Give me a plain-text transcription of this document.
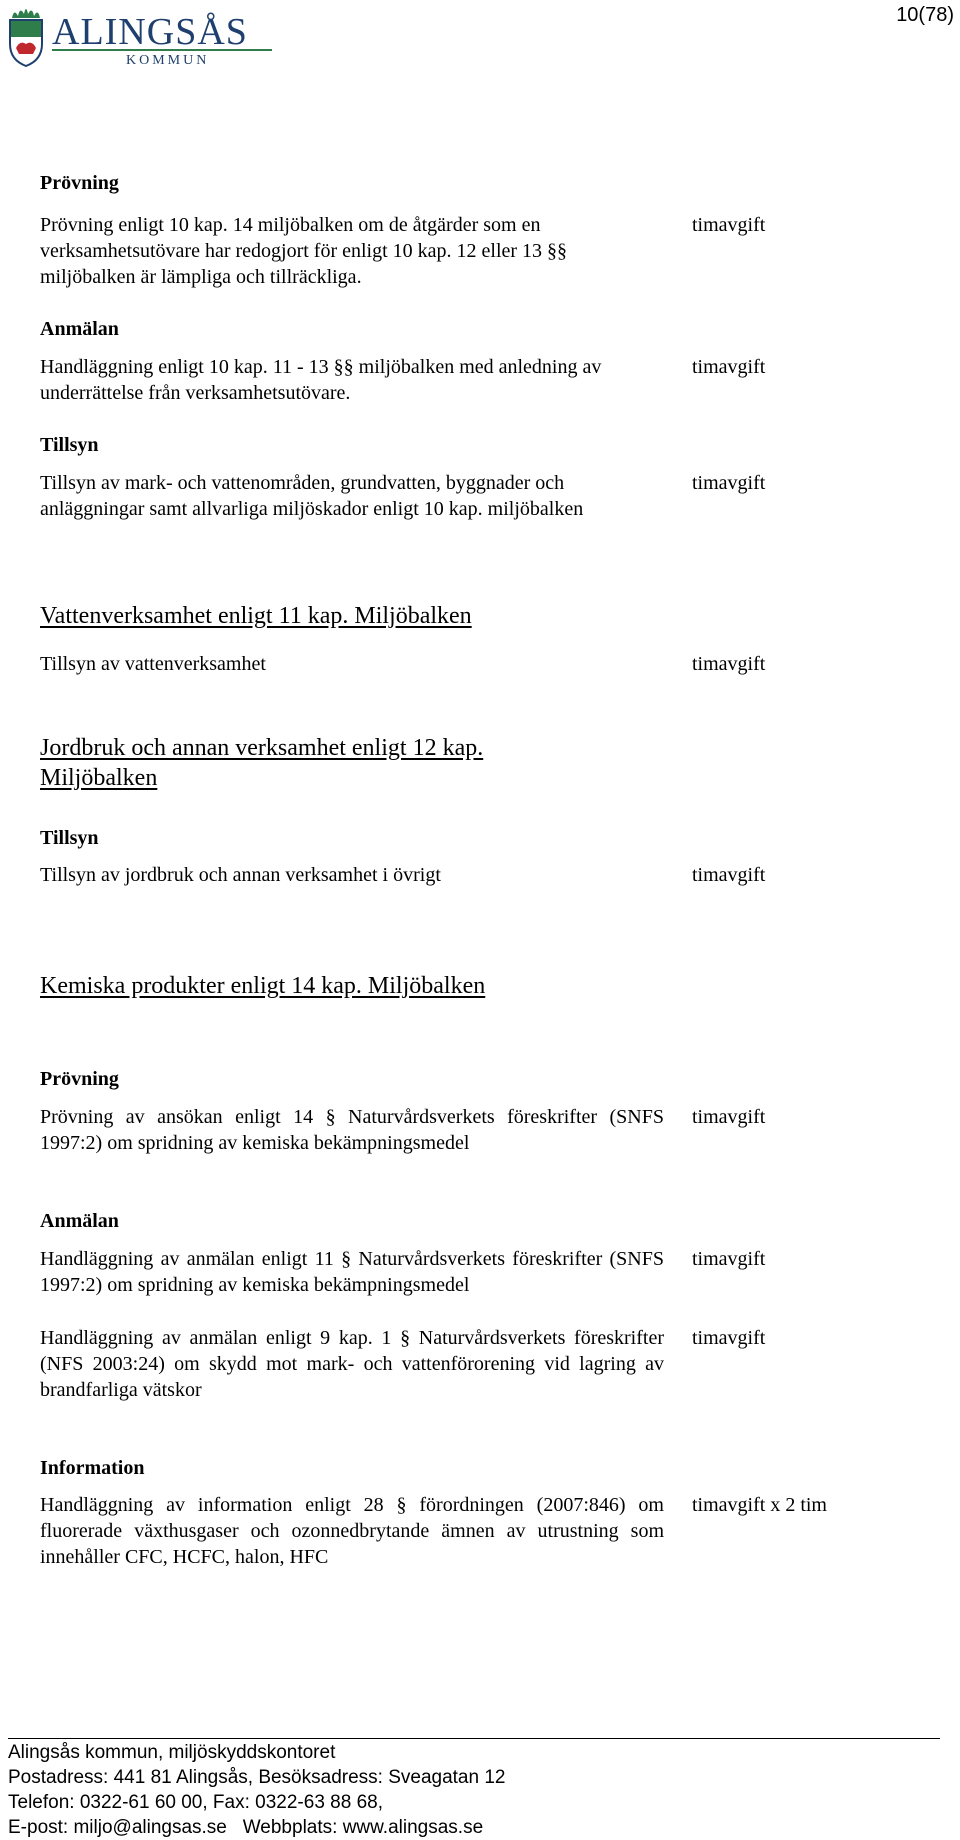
ALINGSÅS
KOMMUN
10(78)
Prövning
Prövning enligt 10 kap. 14 miljöbalken om de åtgärder som en verksamhetsutövare har redogjort för enligt 10 kap. 12 eller 13 §§ miljöbalken är lämpliga och tillräckliga.
timavgift
Anmälan
Handläggning enligt 10 kap. 11 - 13 §§ miljöbalken med anledning av underrättelse från verksamhetsutövare.
timavgift
Tillsyn
Tillsyn av mark- och vattenområden, grundvatten, byggnader och anläggningar samt allvarliga miljöskador enligt 10 kap. miljöbalken
timavgift
Vattenverksamhet enligt 11 kap. Miljöbalken
Tillsyn av vattenverksamhet	timavgift
Jordbruk och annan verksamhet enligt 12 kap. Miljöbalken
Tillsyn
Tillsyn av jordbruk och annan verksamhet i övrigt	timavgift
Kemiska produkter enligt 14 kap. Miljöbalken
Prövning
Prövning av ansökan enligt 14 § Naturvårdsverkets föreskrifter (SNFS 1997:2) om spridning av kemiska bekämpningsmedel
timavgift
Anmälan
Handläggning av anmälan enligt 11 § Naturvårdsverkets föreskrifter (SNFS 1997:2) om spridning av kemiska bekämpningsmedel
timavgift
Handläggning av anmälan enligt 9 kap. 1 § Naturvårdsverkets föreskrifter (NFS 2003:24) om skydd mot mark- och vattenförorening vid lagring av brandfarliga vätskor
timavgift
Information
Handläggning av information enligt 28 § förordningen (2007:846) om fluorerade växthusgaser och ozonnedbrytande ämnen av utrustning som innehåller CFC, HCFC, halon, HFC
timavgift x 2 tim
Alingsås kommun, miljöskyddskontoret
Postadress: 441 81 Alingsås, Besöksadress: Sveagatan 12
Telefon: 0322-61 60 00, Fax: 0322-63 88 68,
E-post: miljo@alingsas.se   Webbplats: www.alingsas.se
